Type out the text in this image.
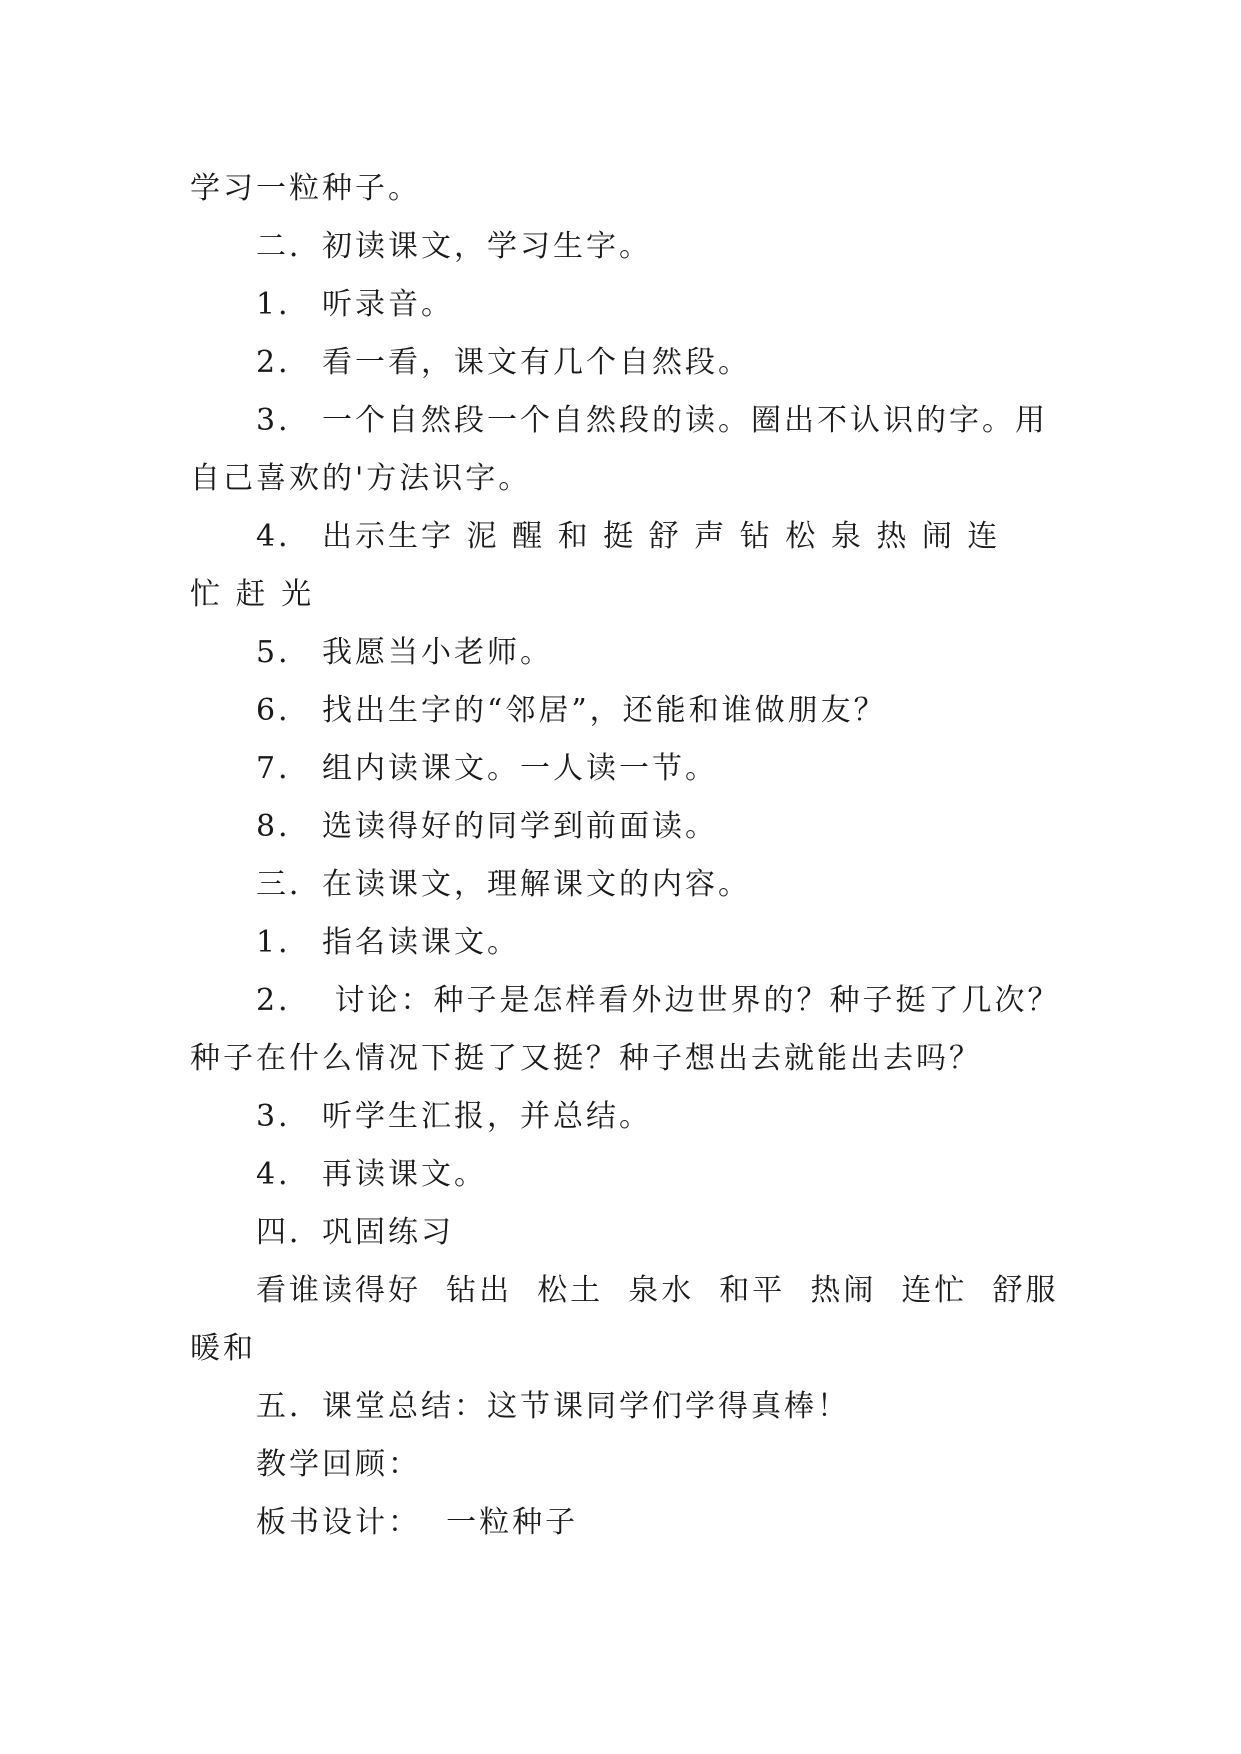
学习一粒种子。
二．初读课文，学习生字。
1． 听录音。
2． 看一看，课文有几个自然段。
3． 一个自然段一个自然段的读。圈出不认识的字。用
自己喜欢的'方法识字。
4． 出示生字 泥 醒 和 挺 舒 声 钻 松 泉 热 闹 连
忙 赶 光
5． 我愿当小老师。
6． 找出生字的“邻居”，还能和谁做朋友？
7． 组内读课文。一人读一节。
8． 选读得好的同学到前面读。
三．在读课文，理解课文的内容。
1． 指名读课文。
2． 讨论：种子是怎样看外边世界的？种子挺了几次？
种子在什么情况下挺了又挺？种子想出去就能出去吗？
3． 听学生汇报，并总结。
4． 再读课文。
四．巩固练习
看谁读得好  钻出  松土  泉水  和平  热闹  连忙  舒服
暖和
五．课堂总结：这节课同学们学得真棒！
教学回顾：
板书设计：  一粒种子
